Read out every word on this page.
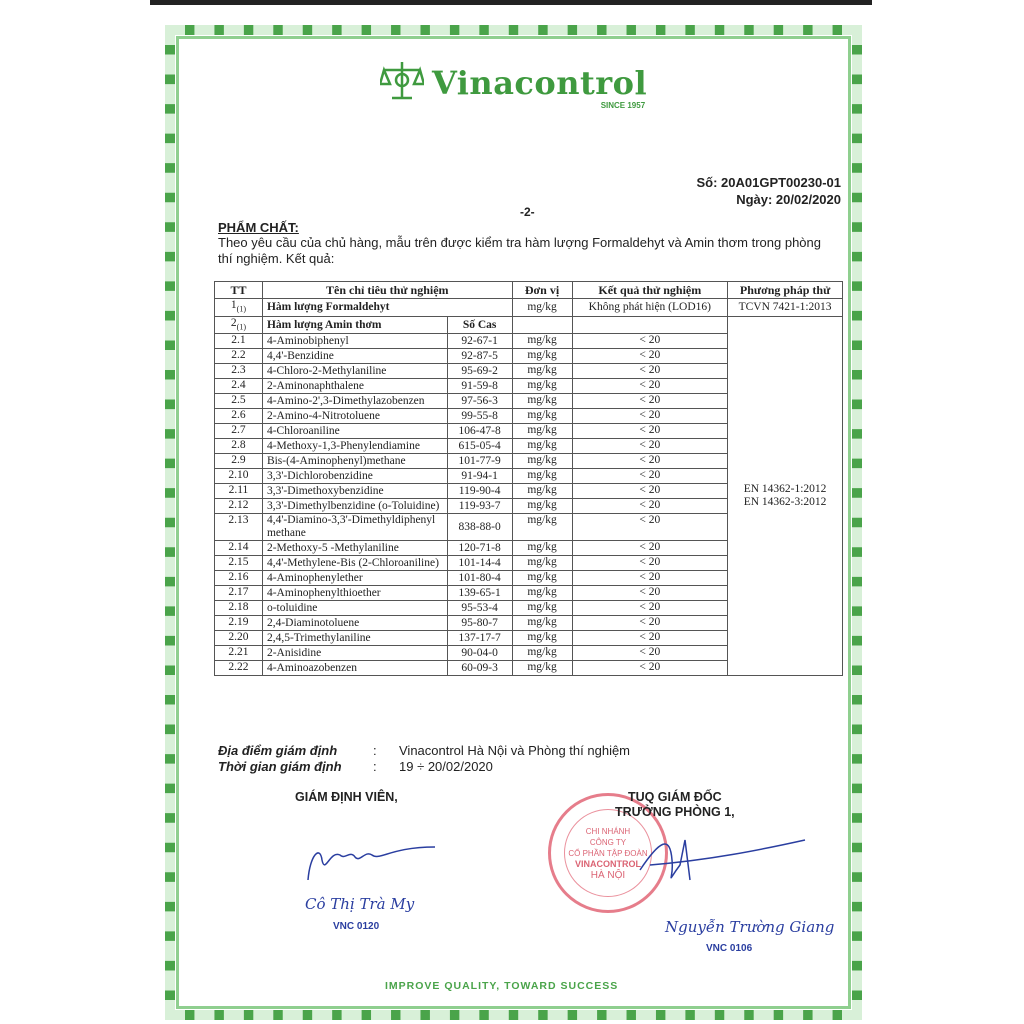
Vinacontrol
SINCE 1957
Số: 20A01GPT00230-01
Ngày: 20/02/2020
-2-
PHẨM CHẤT:
Theo yêu cầu của chủ hàng, mẫu trên được kiểm tra hàm lượng Formaldehyt và Amin thơm trong phòng thí nghiệm. Kết quả:
TT	Tên chỉ tiêu thử nghiệm		Đơn vị	Kết quả thử nghiệm	Phương pháp thử
$1_{(1)}$	Hàm lượng Formaldehyt		mg/kg	Không phát hiện (LOD16)	TCVN 7421-1:2013
$2_{(1)}$	Hàm lượng Amin thơm	Số Cas			EN 14362-1:2012
EN 14362-3:2012

2.1	4-Aminobiphenyl	92-67-1	mg/kg	< 20	
2.2	4,4'-Benzidine	92-87-5	mg/kg	< 20	
2.3	4-Chloro-2-Methylaniline	95-69-2	mg/kg	< 20	
2.4	2-Aminonaphthalene	91-59-8	mg/kg	< 20	
2.5	4-Amino-2',3-Dimethylazobenzen	97-56-3	mg/kg	< 20	
2.6	2-Amino-4-Nitrotoluene	99-55-8	mg/kg	< 20	
2.7	4-Chloroaniline	106-47-8	mg/kg	< 20	
2.8	4-Methoxy-1,3-Phenylendiamine	615-05-4	mg/kg	< 20	
2.9	Bis-(4-Aminophenyl)methane	101-77-9	mg/kg	< 20	
2.10	3,3'-Dichlorobenzidine	91-94-1	mg/kg	< 20	
2.11	3,3'-Dimethoxybenzidine	119-90-4	mg/kg	< 20	
2.12	3,3'-Dimethylbenzidine (o-Toluidine)	119-93-7	mg/kg	< 20	
2.13	4,4'-Diamino-3,3'-Dimethyldiphenyl methane	838-88-0	mg/kg	< 20	
2.14	2-Methoxy-5 -Methylaniline	120-71-8	mg/kg	< 20	
2.15	4,4'-Methylene-Bis (2-Chloroaniline)	101-14-4	mg/kg	< 20	
2.16	4-Aminophenylether	101-80-4	mg/kg	< 20	
2.17	4-Aminophenylthioether	139-65-1	mg/kg	< 20	
2.18	o-toluidine	95-53-4	mg/kg	< 20	
2.19	2,4-Diaminotoluene	95-80-7	mg/kg	< 20	
2.20	2,4,5-Trimethylaniline	137-17-7	mg/kg	< 20	
2.21	2-Anisidine	90-04-0	mg/kg	< 20	
2.22	4-Aminoazobenzen	60-09-3	mg/kg	< 20	
Địa điểm giám định	: Vinacontrol Hà Nội và Phòng thí nghiệm
Thời gian giám định : 19 ÷ 20/02/2020
GIÁM ĐỊNH VIÊN,
Cô Thị Trà My
VNC 0120
CHI NHÁNH
CÔNG TY
CỔ PHẦN TẬP ĐOÀN
VINACONTROL
HÀ NỘI
TUQ GIÁM ĐỐC
TRƯỞNG PHÒNG 1,
Nguyễn Trường Giang
VNC 0106
IMPROVE QUALITY, TOWARD SUCCESS
